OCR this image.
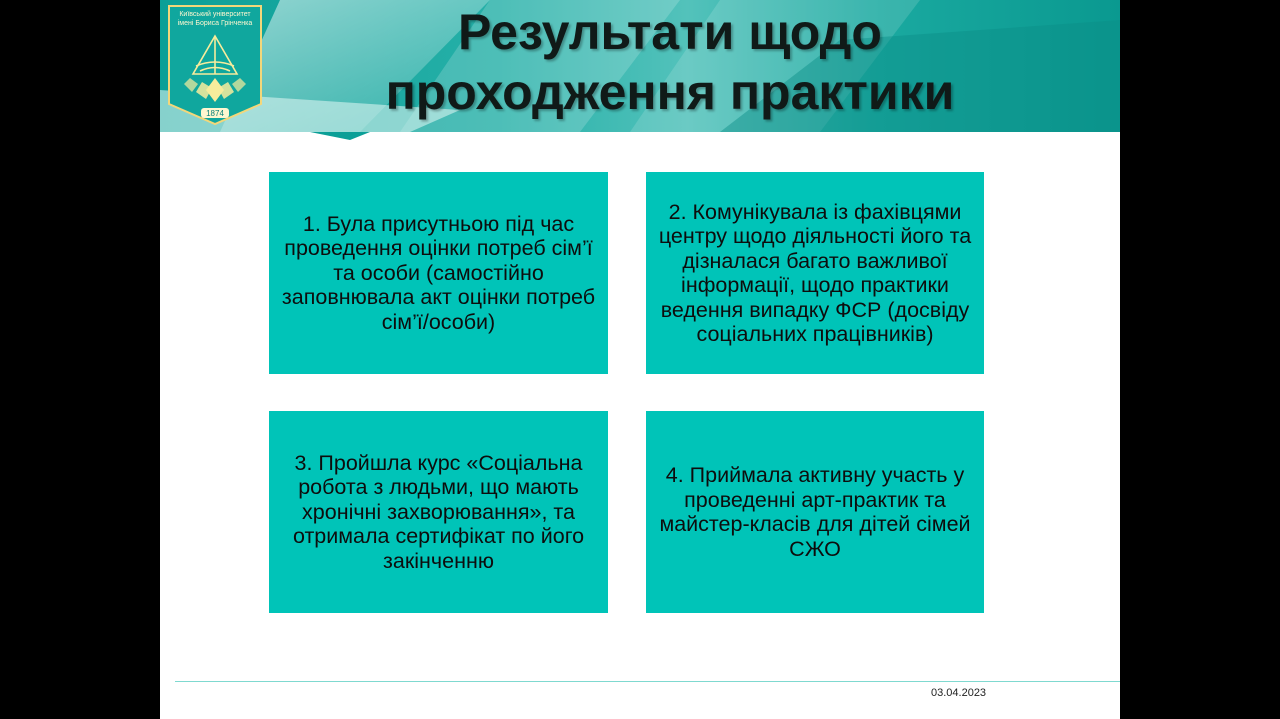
Київський університет
імені Бориса Грінченка
1874
Результати щодо проходження практики

1. Була присутньою під час проведення оцінки потреб сім’ї та особи (самостійно заповнювала акт оцінки потреб сім’ї/особи)

2. Комунікувала із фахівцями центру щодо діяльності його та дізналася багато важливої інформації, щодо практики ведення випадку ФСР (досвіду соціальних працівників)

3. Пройшла курс «Соціальна робота з людьми, що мають хронічні захворювання», та отримала сертифікат по його закінченню

4. Приймала активну участь у проведенні арт-практик та майстер-класів для дітей сімей СЖО

03.04.2023
